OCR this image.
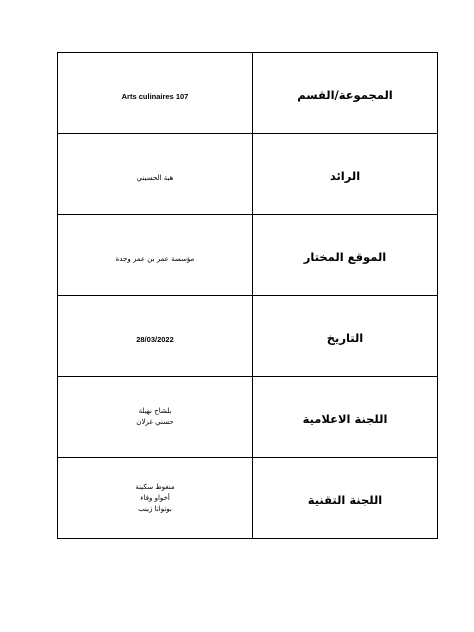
Arts culinaires 107	المجموعة/القسم
هبة الحسيني	الرائد
مؤسسة عمر بن عمر وجدة	الموقع المختار
28/03/2022	التاريخ

بلشاح نهيلة
حسني غزلان	اللجنة الاعلامية

منغوط سكينة
أخواو وفاء
بوتوانا زينب	اللجنة التقنية
